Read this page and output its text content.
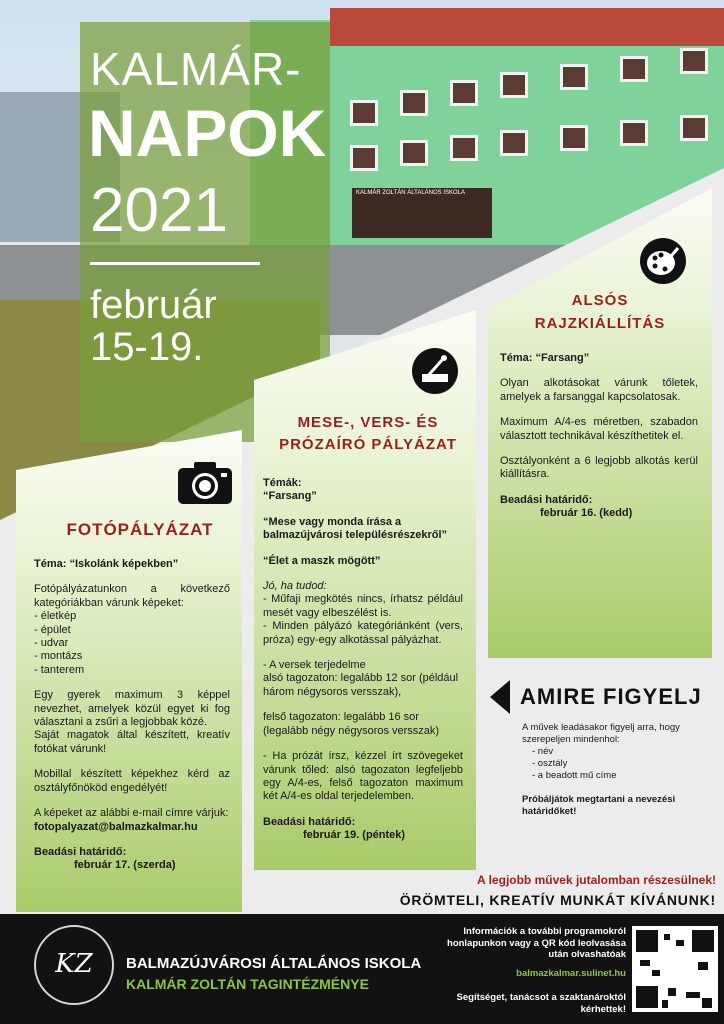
KALMÁR ZOLTÁN ÁLTALÁNOS ISKOLA
KALMÁR-
NAPOK
2021
február
15-19.
FOTÓPÁLYÁZAT

Téma: “Iskolánk képekben”

Fotópályázatunkon a következő kategóriákban várunk képeket:

- életkép

- épület

- udvar

- montázs

- tanterem

Egy gyerek maximum 3 képpel nevezhet, amelyek közül egyet ki fog választani a zsűri a legjobbak közé.

Saját magatok által készített, kreatív fotókat várunk!

Mobillal készített képekhez kérd az osztályfőnököd engedélyét!

A képeket az alábbi e-mail címre várjuk:

fotopalyazat@balmazkalmar.hu

Beadási határidő:

február 17. (szerda)

MESE-, VERS- ÉS
PRÓZAÍRÓ PÁLYÁZAT

Témák:

“Farsang”

“Mese vagy monda írása a balmazújvárosi településrészekről”

“Élet a maszk mögött”

Jó, ha tudod:

- Műfaji megkötés nincs, írhatsz például mesét vagy elbeszélést is.

- Minden pályázó kategóriánként (vers, próza) egy-egy alkotással pályázhat.

- A versek terjedelme

alsó tagozaton: legalább 12 sor (például három négysoros versszak),

felső tagozaton: legalább 16 sor (legalább négy négysoros versszak)

- Ha prózát írsz, kézzel írt szövegeket várunk tőled: alsó tagozaton legfeljebb egy A/4-es, felső tagozaton maximum két A/4-es oldal terjedelemben.

Beadási határidő:

február 19. (péntek)

ALSÓS
RAJZKIÁLLÍTÁS

Téma: “Farsang”

Olyan alkotásokat várunk tőletek, amelyek a farsanggal kapcsolatosak.

Maximum A/4-es méretben, szabadon választott technikával készíthetitek el.

Osztályonként a 6 legjobb alkotás kerül kiállításra.

Beadási határidő:

február 16. (kedd)

AMIRE FIGYELJ

A művek leadásakor figyelj arra, hogy szerepeljen mindenhol:

- név

- osztály

- a beadott mű címe

Próbáljátok megtartani a nevezési határidőket!

A legjobb művek jutalomban részesülnek!
ÖRÖMTELI, KREATÍV MUNKÁT KÍVÁNUNK!
KZ	BALMAZÚJVÁROSI ÁLTALÁNOS ISKOLA
KALMÁR ZOLTÁN TAGINTÉZMÉNYE
Információk a további programokról honlapunkon vagy a QR kód leolvasása után olvashatóak
balmazkalmar.sulinet.hu
Segítséget, tanácsot a szaktanároktól kérhettek!
